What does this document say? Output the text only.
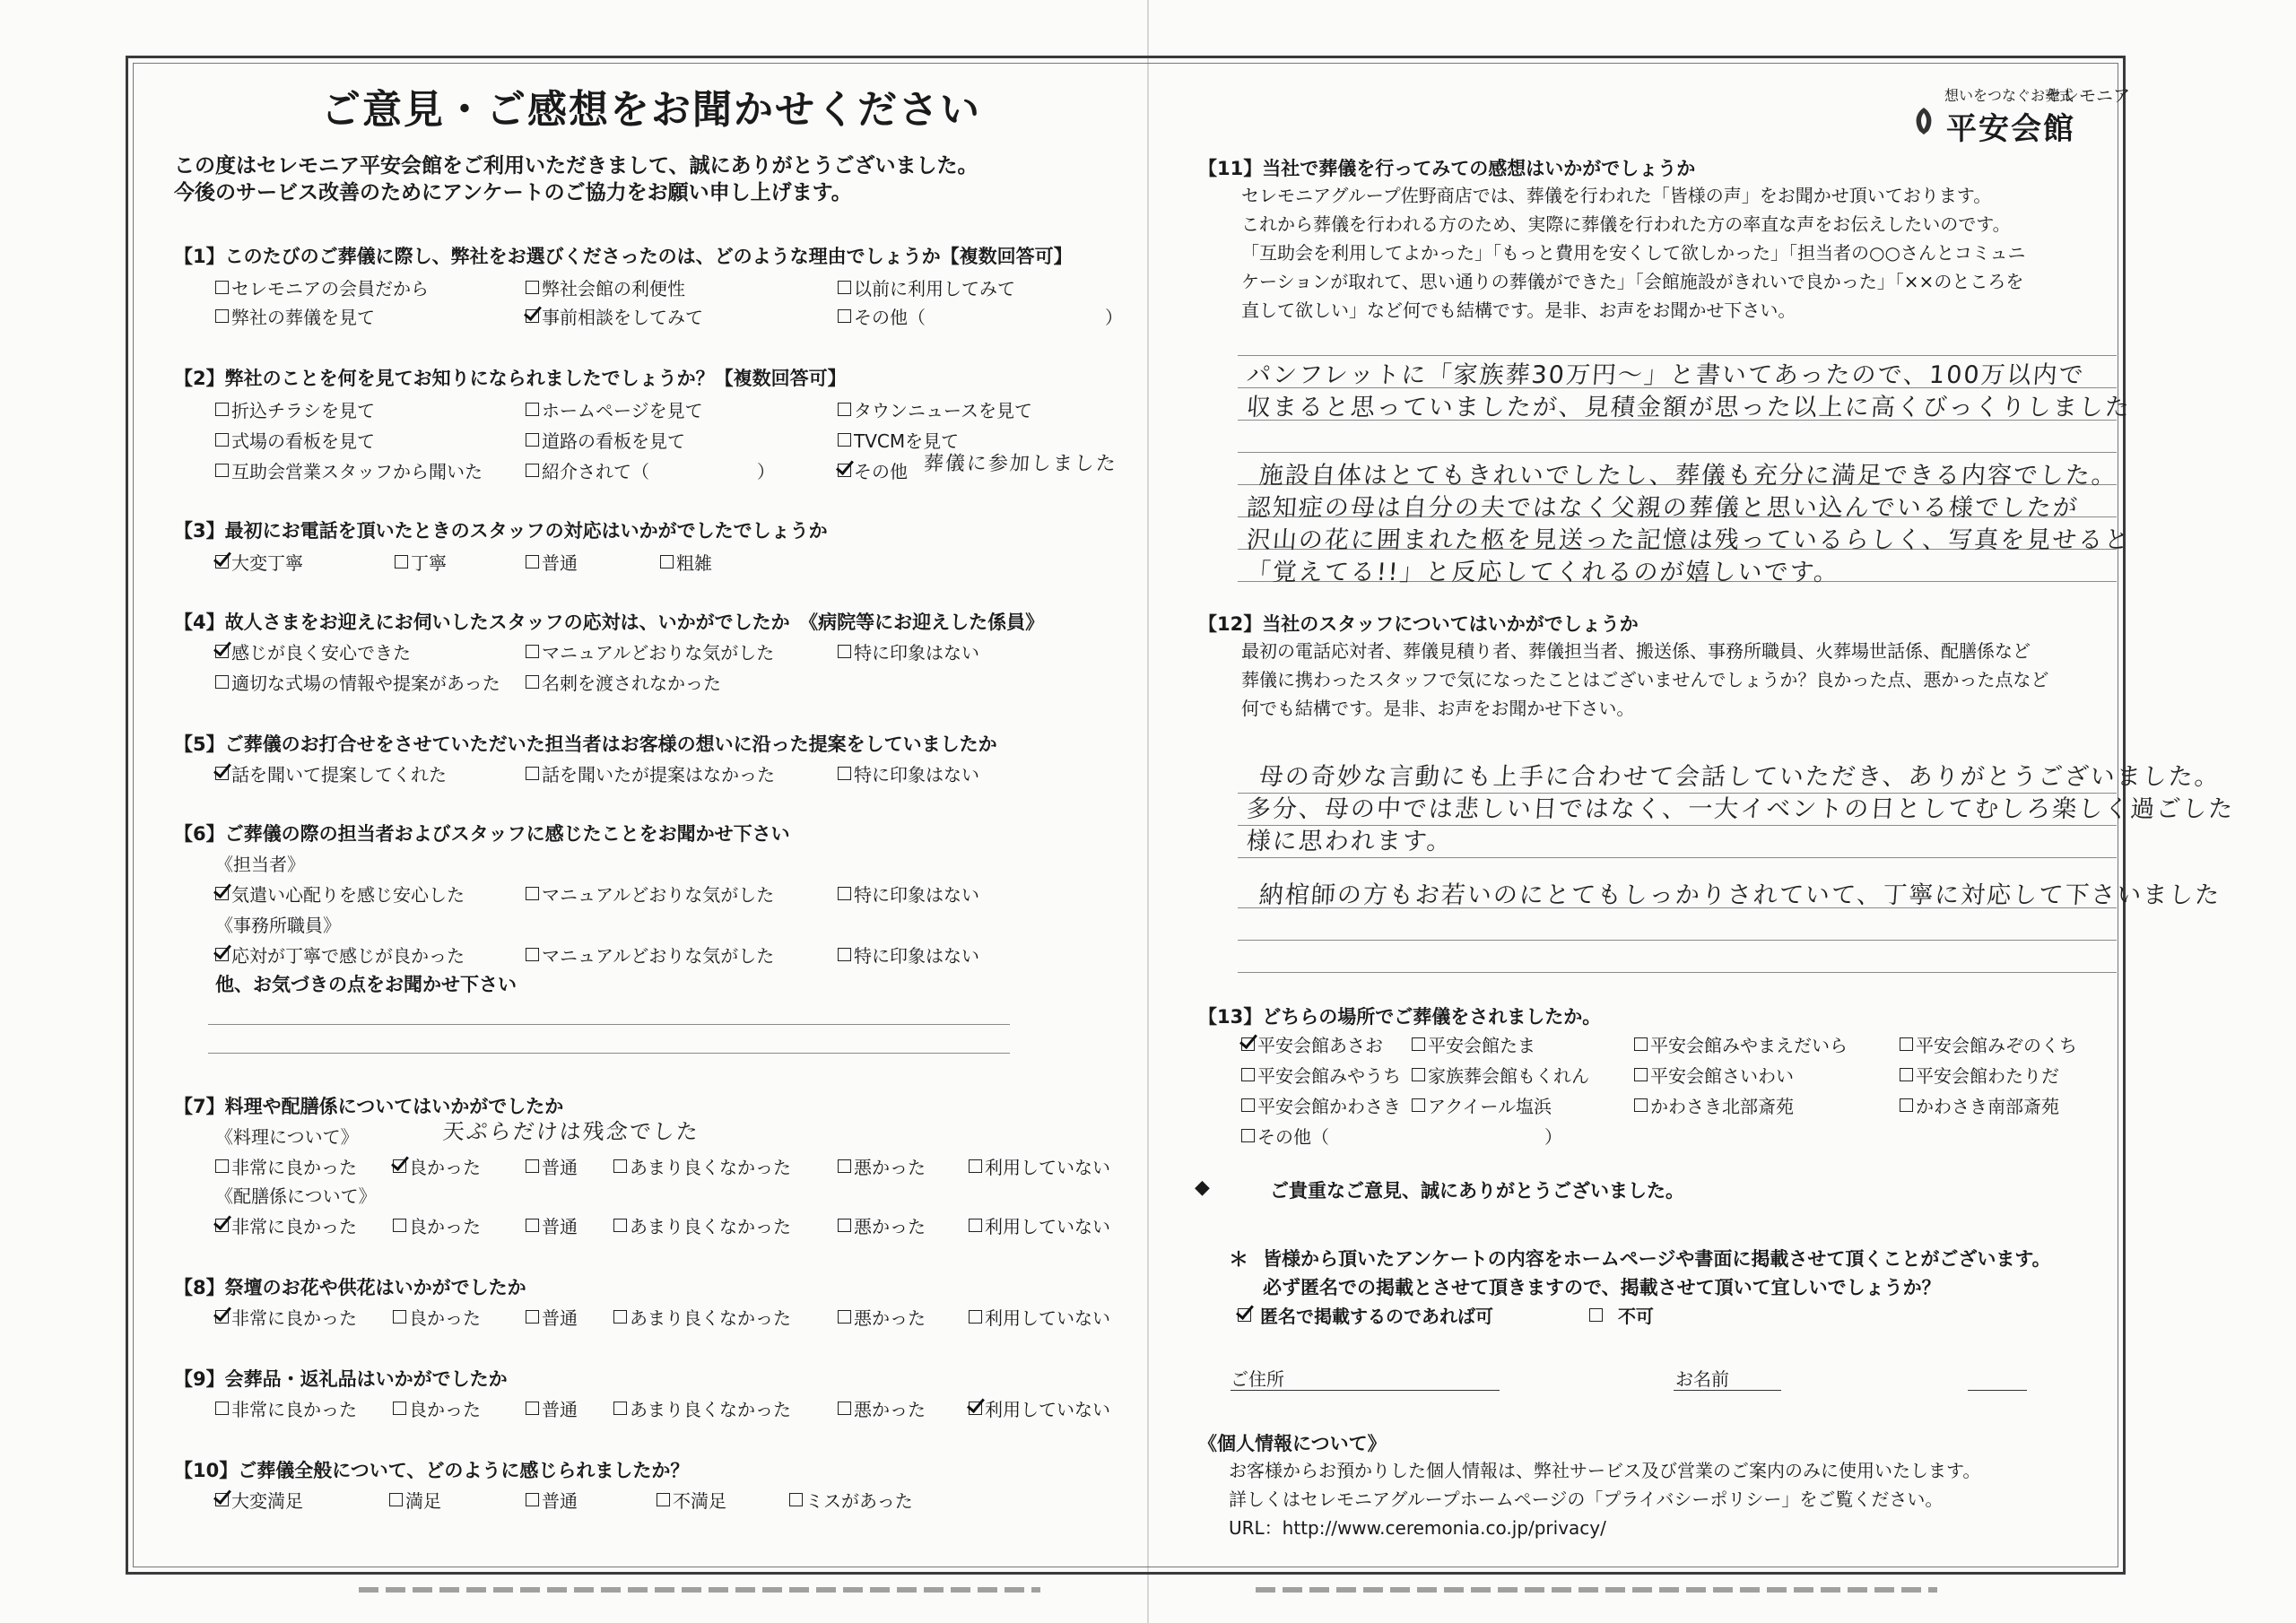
ご意見・ご感想をお聞かせください
この度はセレモニア平安会館をご利用いただきまして、誠にありがとうございました。
今後のサービス改善のためにアンケートのご協力をお願い申し上げます。
想いをつなぐお葬式
セレモニア
平安会館
【1】このたびのご葬儀に際し、弊社をお選びくださったのは、どのような理由でしょうか【複数回答可】
セレモニアの会員だから	弊社会館の利便性	以前に利用してみて
弊社の葬儀を見て	事前相談をしてみて	その他（　　　　　　　　　　）
【2】弊社のことを何を見てお知りになられましたでしょうか？【複数回答可】
折込チラシを見て	ホームページを見て	タウンニュースを見て
式場の看板を見て	道路の看板を見て	TVCMを見て
互助会営業スタッフから聞いた	紹介されて（　　　　　　）	その他 葬儀に参加しました
【3】最初にお電話を頂いたときのスタッフの対応はいかがでしたでしょうか
大変丁寧	丁寧	普通	粗雑
【4】故人さまをお迎えにお伺いしたスタッフの応対は、いかがでしたか　《病院等にお迎えした係員》
感じが良く安心できた	マニュアルどおりな気がした	特に印象はない
適切な式場の情報や提案があった 名刺を渡されなかった
【5】ご葬儀のお打合せをさせていただいた担当者はお客様の想いに沿った提案をしていましたか
話を聞いて提案してくれた	話を聞いたが提案はなかった	特に印象はない
【6】ご葬儀の際の担当者およびスタッフに感じたことをお聞かせ下さい
《担当者》
気遣い心配りを感じ安心した	マニュアルどおりな気がした	特に印象はない
《事務所職員》
応対が丁寧で感じが良かった	マニュアルどおりな気がした	特に印象はない
他、お気づきの点をお聞かせ下さい
【7】料理や配膳係についてはいかがでしたか
《料理について》	天ぷらだけは残念でした
非常に良かった	良かった	普通	あまり良くなかった	悪かった	利用していない
《配膳係について》
非常に良かった	良かった	普通	あまり良くなかった	悪かった	利用していない
【8】祭壇のお花や供花はいかがでしたか
非常に良かった	良かった	普通	あまり良くなかった	悪かった	利用していない
【9】会葬品・返礼品はいかがでしたか
非常に良かった	良かった	普通	あまり良くなかった	悪かった	利用していない
【10】ご葬儀全般について、どのように感じられましたか？
大変満足	満足	普通	不満足	ミスがあった
【11】当社で葬儀を行ってみての感想はいかがでしょうか
セレモニアグループ佐野商店では、葬儀を行われた「皆様の声」をお聞かせ頂いております。
これから葬儀を行われる方のため、実際に葬儀を行われた方の率直な声をお伝えしたいのです。
「互助会を利用してよかった」「もっと費用を安くして欲しかった」「担当者の○○さんとコミュニ
ケーションが取れて、思い通りの葬儀ができた」「会館施設がきれいで良かった」「××のところを
直して欲しい」など何でも結構です。是非、お声をお聞かせ下さい。
パンフレットに「家族葬30万円～」と書いてあったので、100万以内で
収まると思っていましたが、見積金額が思った以上に高くびっくりしました
施設自体はとてもきれいでしたし、葬儀も充分に満足できる内容でした。
認知症の母は自分の夫ではなく父親の葬儀と思い込んでいる様でしたが
沢山の花に囲まれた柩を見送った記憶は残っているらしく、写真を見せると
「覚えてる!!」と反応してくれるのが嬉しいです。
【12】当社のスタッフについてはいかがでしょうか
最初の電話応対者、葬儀見積り者、葬儀担当者、搬送係、事務所職員、火葬場世話係、配膳係など
葬儀に携わったスタッフで気になったことはございませんでしょうか？良かった点、悪かった点など
何でも結構です。是非、お声をお聞かせ下さい。
母の奇妙な言動にも上手に合わせて会話していただき、ありがとうございました。
多分、母の中では悲しい日ではなく、一大イベントの日としてむしろ楽しく過ごした
様に思われます。
納棺師の方もお若いのにとてもしっかりされていて、丁寧に対応して下さいました
【13】どちらの場所でご葬儀をされましたか。
平安会館あさお	平安会館たま	平安会館みやまえだいら	平安会館みぞのくち
平安会館みやうち 家族葬会館もくれん	平安会館さいわい	平安会館わたりだ
平安会館かわさき アクイール塩浜	かわさき北部斎苑	かわさき南部斎苑
その他（　　　　　　　　　　　　）
◆	ご貴重なご意見、誠にありがとうございました。
＊ 皆様から頂いたアンケートの内容をホームページや書面に掲載させて頂くことがございます。
必ず匿名での掲載とさせて頂きますので、掲載させて頂いて宜しいでしょうか？

匿名で掲載するのであれば可
	不可
ご住所	お名前
《個人情報について》
お客様からお預かりした個人情報は、弊社サービス及び営業のご案内のみに使用いたします。
詳しくはセレモニアグループホームページの「プライバシーポリシー」をご覧ください。
URL：http://www.ceremonia.co.jp/privacy/
